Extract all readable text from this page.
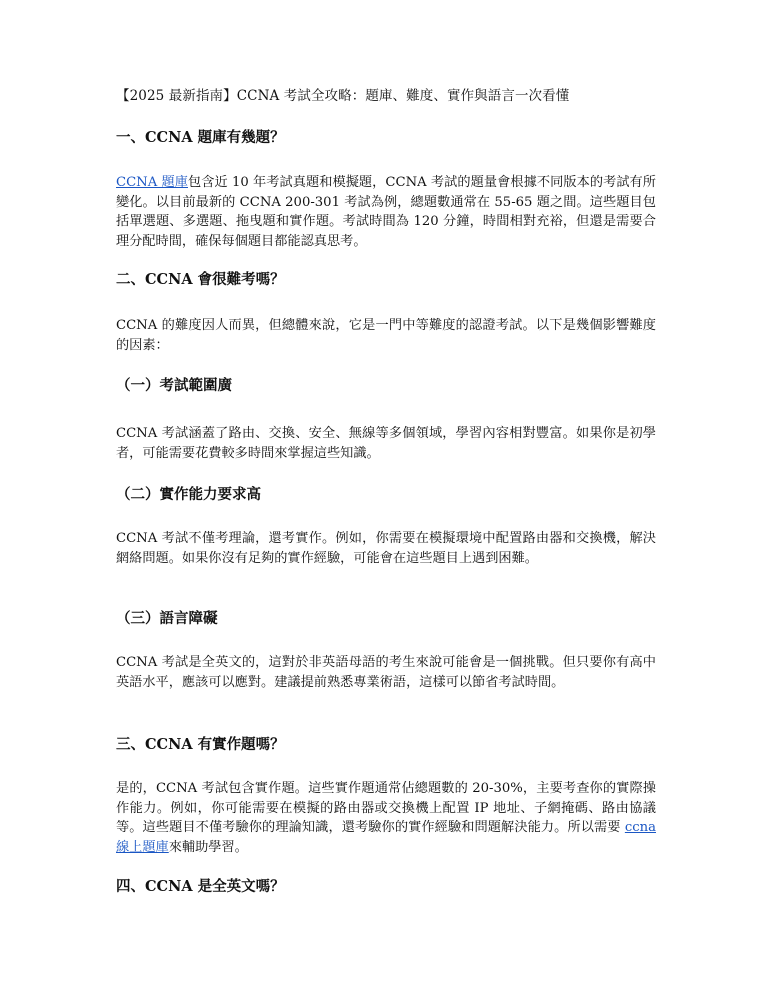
【2025 最新指南】CCNA 考試全攻略：題庫、難度、實作與語言一次看懂
一、CCNA 題庫有幾題？
CCNA 題庫包含近 10 年考試真題和模擬題，CCNA 考試的題量會根據不同版本的考試有所變化。以目前最新的 CCNA 200-301 考試為例，總題數通常在 55-65 題之間。這些題目包括單選題、多選題、拖曳題和實作題。考試時間為 120 分鐘，時間相對充裕，但還是需要合理分配時間，確保每個題目都能認真思考。
二、CCNA 會很難考嗎？
CCNA 的難度因人而異，但總體來說，它是一門中等難度的認證考試。以下是幾個影響難度的因素：
（一）考試範圍廣
CCNA 考試涵蓋了路由、交換、安全、無線等多個領域，學習內容相對豐富。如果你是初學者，可能需要花費較多時間來掌握這些知識。
（二）實作能力要求高
CCNA 考試不僅考理論，還考實作。例如，你需要在模擬環境中配置路由器和交換機，解決網絡問題。如果你沒有足夠的實作經驗，可能會在這些題目上遇到困難。
（三）語言障礙
CCNA 考試是全英文的，這對於非英語母語的考生來說可能會是一個挑戰。但只要你有高中英語水平，應該可以應對。建議提前熟悉專業術語，這樣可以節省考試時間。
三、CCNA 有實作題嗎？
是的，CCNA 考試包含實作題。這些實作題通常佔總題數的 20-30%，主要考查你的實際操作能力。例如，你可能需要在模擬的路由器或交換機上配置 IP 地址、子網掩碼、路由協議等。這些題目不僅考驗你的理論知識，還考驗你的實作經驗和問題解決能力。所以需要 ccna 線上題庫來輔助學習。
四、CCNA 是全英文嗎？
